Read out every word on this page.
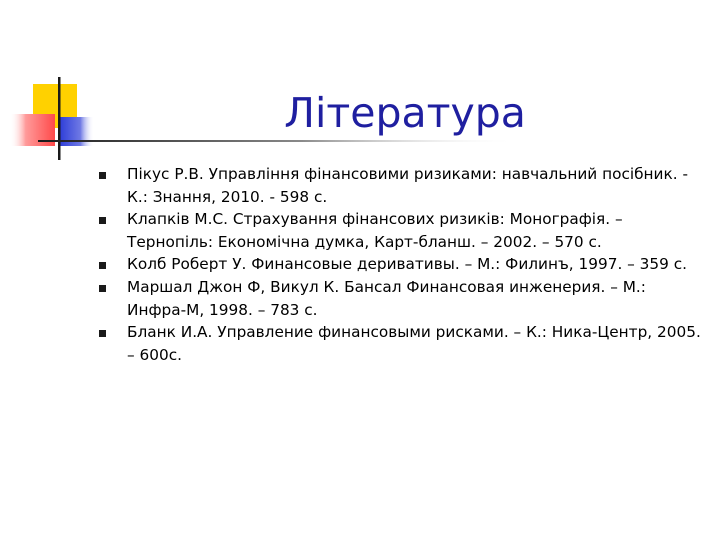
Література
Пікус Р.В. Управління фінансовими ризиками: навчальний посібник. - К.: Знання, 2010. - 598 с.
Клапків М.С. Страхування фінансових ризиків: Монографія. – Тернопіль: Економічна думка, Карт-бланш. – 2002. – 570 с.
Колб Роберт У. Финансовые деривативы. – М.: Филинъ, 1997. – 359 с.
Маршал Джон Ф, Викул К. Бансал Финансовая инженерия. – М.: Инфра-М, 1998. – 783 с.
Бланк И.А. Управление финансовыми рисками. – К.: Ника-Центр, 2005. – 600с.
